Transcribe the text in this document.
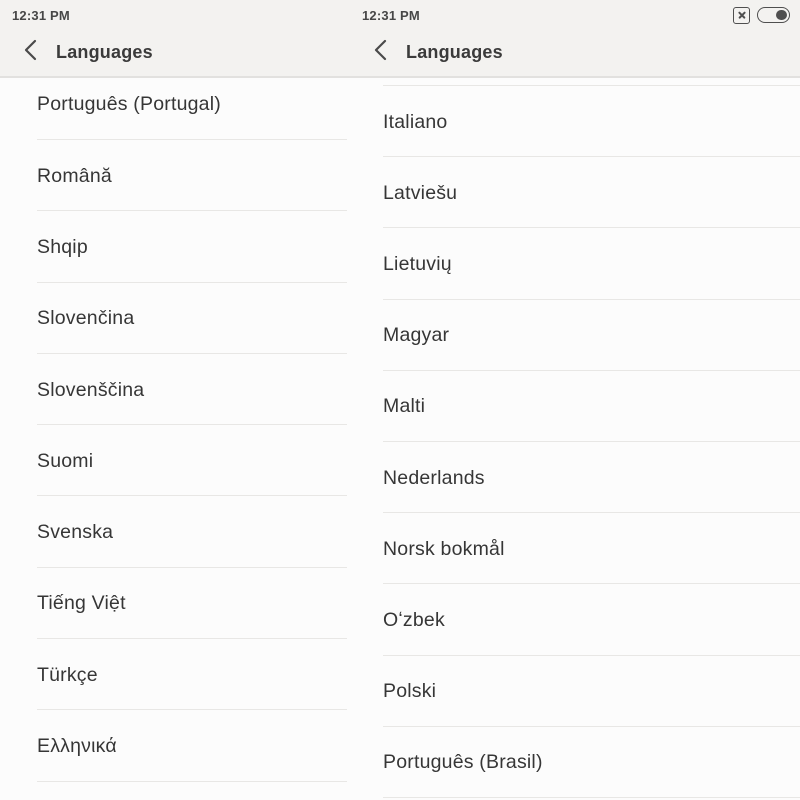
12:31 PM
Languages
Português (Portugal)
Română
Shqip
Slovenčina
Slovenščina
Suomi
Svenska
Tiếng Việt
Türkçe
Ελληνικά
12:31 PM
Languages
Italiano
Latviešu
Lietuvių
Magyar
Malti
Nederlands
Norsk bokmål
Oʻzbek
Polski
Português (Brasil)
